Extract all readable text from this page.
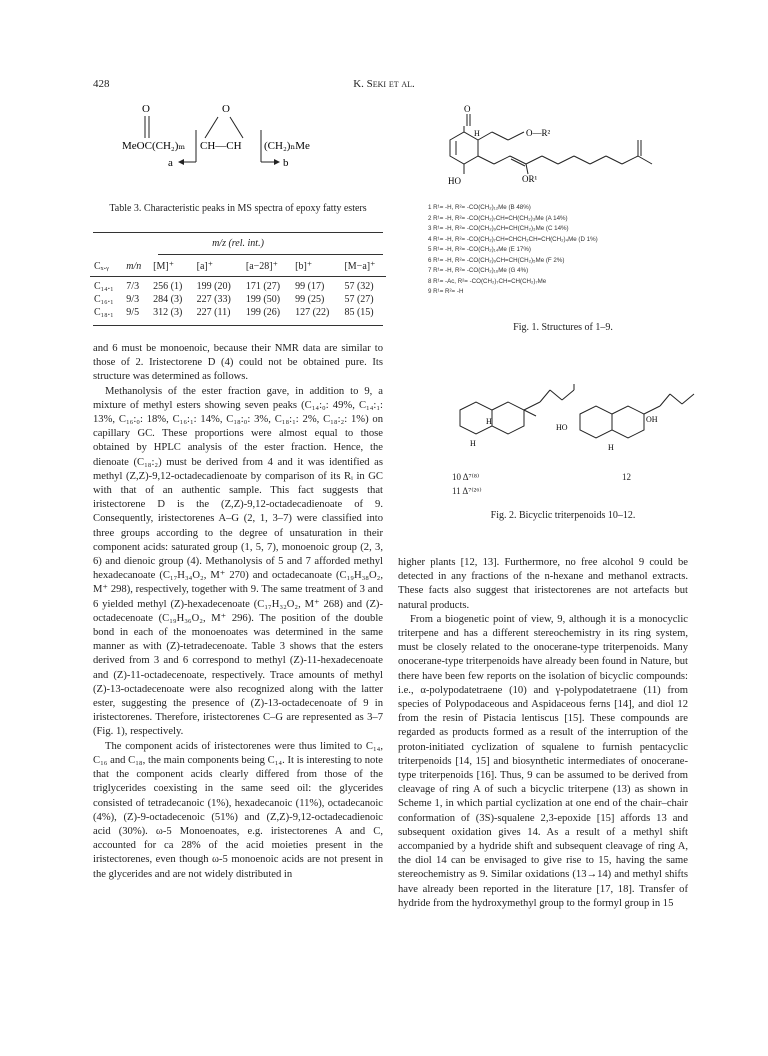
428	K. Seki et al.
O	O
MeOC(CH₂)ₘ CH—CH (CH₂)ₙMe
a	b
Table 3. Characteristic peaks in MS spectra of epoxy fatty esters
m/z (rel. int.)
Cₓ.ᵧ	m/n	[M]⁺	[a]⁺	[a−28]⁺	[b]⁺	[M−a]⁺

C₁₄.₁	7/3	256 (1)	199 (20)	171 (27)	99 (17)	57 (32)
C₁₆.₁	9/3	284 (3)	227 (33)	199 (50)	99 (25)	57 (27)
C₁₈.₁	9/5	312 (3)	227 (11)	199 (26)	127 (22)	85 (15)
O
H	O—R²
HO	OR¹
1 R¹= -H, R²= -CO(CH₂)₁₂Me (B 48%)
2 R¹= -H, R²= -CO(CH₂)₇CH=CH(CH₂)₃Me (A 14%)
3 R¹= -H, R²= -CO(CH₂)₉CH=CH(CH₂)₃Me (C 14%)
4 R¹= -H, R²= -CO(CH₂)₇CH=CHCH₂CH=CH(CH₂)₄Me (D 1%)
5 R¹= -H, R²= -CO(CH₂)₁₄Me (E 17%)
6 R¹= -H, R²= -CO(CH₂)₉CH=CH(CH₂)₅Me (F 2%)
7 R¹= -H, R²= -CO(CH₂)₁₆Me (G 4%)
8 R¹= -Ac, R²= -CO(CH₂)₇CH=CH(CH₂)₇Me
9 R¹= R²= -H
Fig. 1. Structures of 1–9.
H
H
OH
HO
H
10 Δ⁷⁽⁸⁾
11 Δ⁷⁽²⁶⁾
12
Fig. 2. Bicyclic triterpenoids 10–12.

and 6 must be monoenoic, because their NMR data are similar to those of 2. Iristectorene D (4) could not be obtained pure. Its structure was determined as follows.

Methanolysis of the ester fraction gave, in addition to 9, a mixture of methyl esters showing seven peaks (C₁₄:₀: 49%, C₁₄:₁: 13%, C₁₆:₀: 18%, C₁₆:₁: 14%, C₁₈:₀: 3%, C₁₈:₁: 2%, C₁₈:₂: 1%) on capillary GC. These proportions were almost equal to those obtained by HPLC analysis of the ester fraction. Hence, the dienoate (C₁₈:₂) must be derived from 4 and it was identified as methyl (Z,Z)-9,12-octadecadienoate by comparison of its Rᵢ in GC with that of an authentic sample. This fact suggests that iristectorene D is the (Z,Z)-9,12-octadecadienoate of 9. Consequently, iristectorenes A–G (2, 1, 3–7) were classified into three groups according to the degree of unsaturation in their component acids: saturated group (1, 5, 7), monoenoic group (2, 3, 6) and dienoic group (4). Methanolysis of 5 and 7 afforded methyl hexadecanoate (C₁₇H₃₄O₂, M⁺ 270) and octadecanoate (C₁₉H₃₈O₂, M⁺ 298), respectively, together with 9. The same treatment of 3 and 6 yielded methyl (Z)-hexadecenoate (C₁₇H₃₂O₂, M⁺ 268) and (Z)-octadecenoate (C₁₉H₃₆O₂, M⁺ 296). The position of the double bond in each of the monoenoates was determined in the same manner as with (Z)-tetradecenoate. Table 3 shows that the esters derived from 3 and 6 correspond to methyl (Z)-11-hexadecenoate and (Z)-11-octadecenoate, respectively. Trace amounts of methyl (Z)-13-octadecenoate were also recognized along with the latter ester, suggesting the presence of (Z)-13-octadecenoate of 9 in iristectorenes. Therefore, iristectorenes C–G are represented as 3–7 (Fig. 1), respectively.

The component acids of iristectorenes were thus limited to C₁₄, C₁₆ and C₁₈, the main components being C₁₄. It is interesting to note that the component acids clearly differed from those of the triglycerides coexisting in the same seed oil: the glycerides consisted of tetradecanoic (1%), hexadecanoic (11%), octadecanoic (4%), (Z)-9-octadecenoic (51%) and (Z,Z)-9,12-octadecadienoic acid (30%). ω-5 Monoenoates, e.g. iristectorenes A and C, accounted for ca 28% of the acid moieties present in the iristectorenes, even though ω-5 monoenoic acids are not present in the glycerides and are not widely distributed in

higher plants [12, 13]. Furthermore, no free alcohol 9 could be detected in any fractions of the n-hexane and methanol extracts. These facts also suggest that iristectorenes are not artefacts but natural products.

From a biogenetic point of view, 9, although it is a monocyclic triterpene and has a different stereochemistry in its ring system, must be closely related to the onocerane-type triterpenoids. Many onocerane-type triterpenoids have already been found in Nature, but there have been few reports on the isolation of bicyclic compounds: i.e., α-polypodatetraene (10) and γ-polypodatetraene (11) from species of Polypodaceous and Aspidaceous ferns [14], and diol 12 from the resin of Pistacia lentiscus [15]. These compounds are regarded as products formed as a result of the interruption of the proton-initiated cyclization of squalene to furnish pentacyclic triterpenoids [14, 15] and biosynthetic intermediates of onocerane-type triterpenoids [16]. Thus, 9 can be assumed to be derived from cleavage of ring A of such a bicyclic triterpene (13) as shown in Scheme 1, in which partial cyclization at one end of the chair–chair conformation of (3S)-squalene 2,3-epoxide [15] affords 13 and subsequent oxidation gives 14. As a result of a methyl shift accompanied by a hydride shift and subsequent cleavage of ring A, the diol 14 can be envisaged to give rise to 15, having the same stereochemistry as 9. Similar oxidations (13→14) and methyl shifts have already been reported in the literature [17, 18]. Transfer of hydride from the hydroxymethyl group to the formyl group in 15
